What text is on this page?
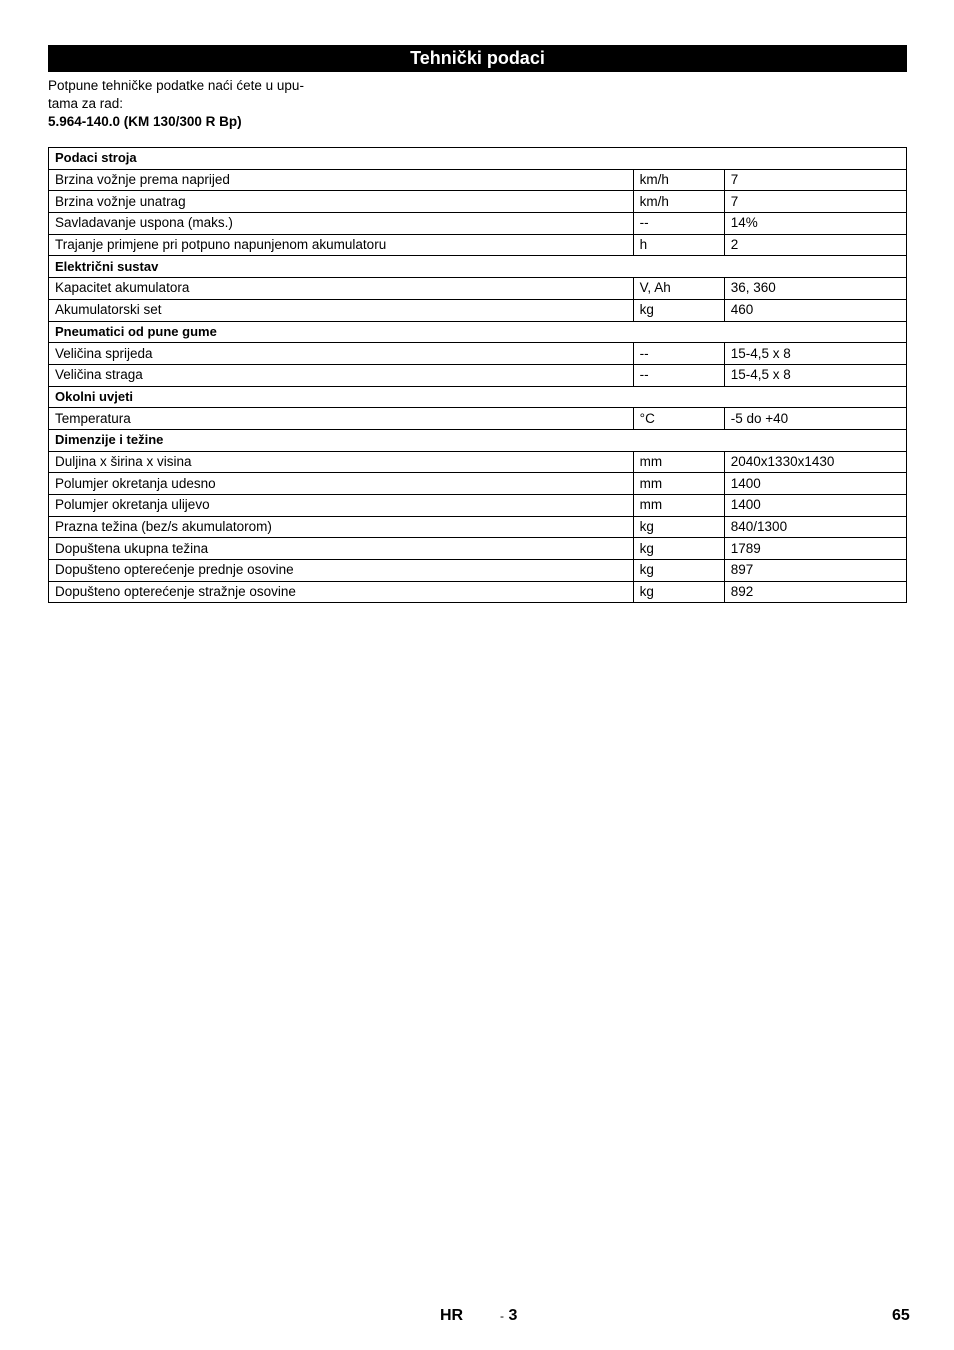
Tehnički podaci
Potpune tehničke podatke naći ćete u upu-
tama za rad:
5.964-140.0 (KM 130/300 R Bp)
Podaci stroja		
Brzina vožnje prema naprijed	km/h	7
Brzina vožnje unatrag	km/h	7
Savladavanje uspona (maks.)	--	14%
Trajanje primjene pri potpuno napunjenom akumulatoru	h	2
Električni sustav		
Kapacitet akumulatora	V, Ah	36, 360
Akumulatorski set	kg	460
Pneumatici od pune gume		
Veličina sprijeda	--	15-4,5 x 8
Veličina straga	--	15-4,5 x 8
Okolni uvjeti		
Temperatura	°C	-5 do +40
Dimenzije i težine		
Duljina x širina x visina	mm	2040x1330x1430
Polumjer okretanja udesno	mm	1400
Polumjer okretanja ulijevo	mm	1400
Prazna težina (bez/s akumulatorom)	kg	840/1300
Dopuštena ukupna težina	kg	1789
Dopušteno opterećenje prednje osovine	kg	897
Dopušteno opterećenje stražnje osovine	kg	892
HR	- 3	65
